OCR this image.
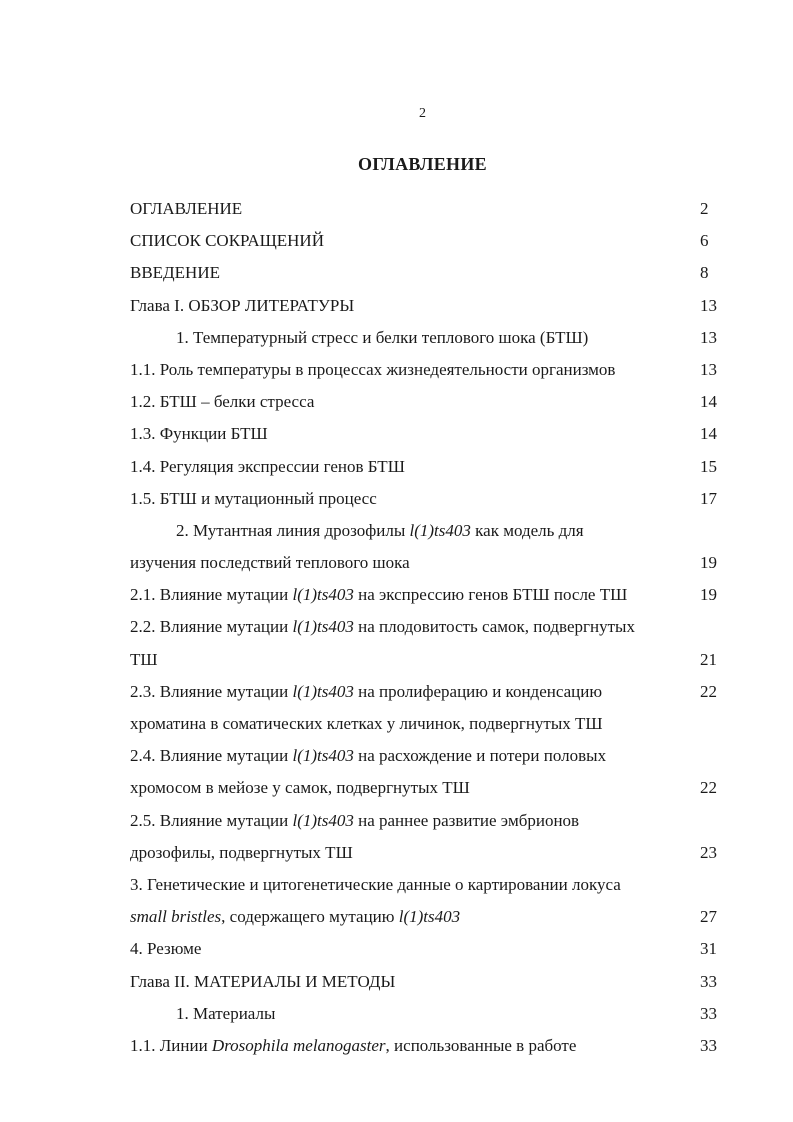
2
ОГЛАВЛЕНИЕ
ОГЛАВЛЕНИЕ	2
СПИСОК СОКРАЩЕНИЙ	6
ВВЕДЕНИЕ	8
Глава I. ОБЗОР ЛИТЕРАТУРЫ	13
1. Температурный стресс и белки теплового шока (БТШ)	13
1.1. Роль температуры в процессах жизнедеятельности организмов	13
1.2. БТШ – белки стресса	14
1.3. Функции БТШ	14
1.4. Регуляция экспрессии генов БТШ	15
1.5. БТШ и мутационный процесс	17
2. Мутантная линия дрозофилы l(1)ts403 как модель для
изучения последствий теплового шока	19
2.1. Влияние мутации l(1)ts403 на экспрессию генов БТШ после ТШ	19
2.2. Влияние мутации l(1)ts403 на плодовитость самок, подвергнутых
ТШ	21
2.3. Влияние мутации l(1)ts403 на пролиферацию и конденсацию	22
хроматина в соматических клетках у личинок, подвергнутых ТШ
2.4. Влияние мутации l(1)ts403 на расхождение и потери половых
хромосом в мейозе у самок, подвергнутых ТШ	22
2.5. Влияние мутации l(1)ts403 на раннее развитие эмбрионов
дрозофилы, подвергнутых ТШ	23
3. Генетические и цитогенетические данные о картировании локуса
small bristles, содержащего мутацию l(1)ts403	27
4. Резюме	31
Глава II. МАТЕРИАЛЫ И МЕТОДЫ	33
1. Материалы	33
1.1. Линии Drosophila melanogaster, использованные в работе	33
